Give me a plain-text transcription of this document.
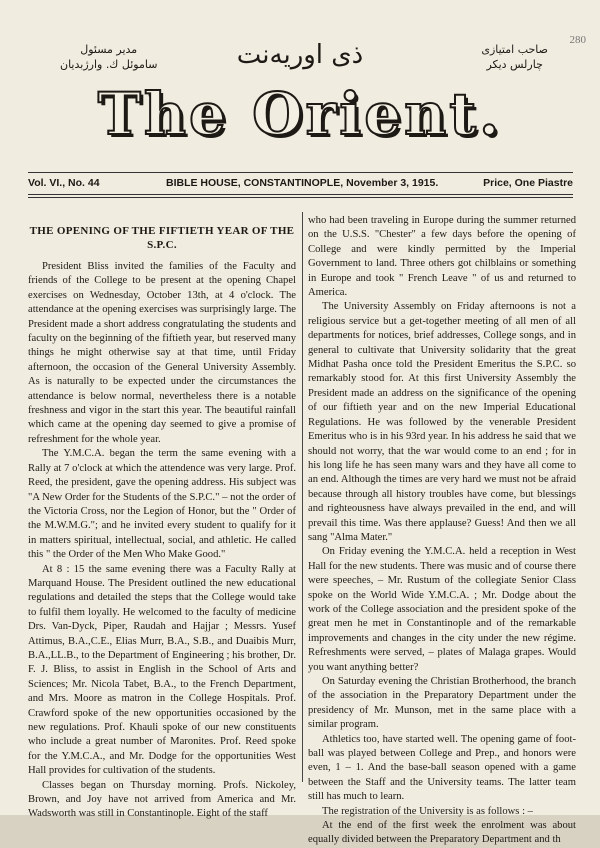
280
مدیر مسئول
ساموئل ك. وارژبدیان	ذی اوریەنت	صاحب امتیازی
چارلس دیکر
The Orient.
Vol. VI., No. 44	BIBLE HOUSE, CONSTANTINOPLE, November 3, 1915.	Price, One Piastre
THE OPENING OF THE FIFTIETH YEAR OF THE S.P.C.

President Bliss invited the families of the Faculty and friends of the College to be present at the opening Chapel exercises on Wednesday, October 13th, at 4 o'clock. The attendance at the opening exercises was surprisingly large. The President made a short address congratulating the students and faculty on the beginning of the fiftieth year, but reserved many things he might otherwise say at that time, until Friday afternoon, the occasion of the General University Assembly. As is naturally to be expected under the circumstances the attendance is below normal, nevertheless there is a notable freshness and vigor in the start this year. The beautiful rainfall which came at the opening day seemed to give a promise of refreshment for the whole year.

The Y.M.C.A. began the term the same evening with a Rally at 7 o'clock at which the attendence was very large. Prof. Reed, the president, gave the opening address. His subject was "A New Order for the Students of the S.P.C." – not the order of the Victoria Cross, nor the Legion of Honor, but the " Order of the M.W.M.G."; and he invited every student to qualify for it in matters spiritual, intellectual, social, and athletic. He called this " the Order of the Men Who Make Good."

At 8 : 15 the same evening there was a Faculty Rally at Marquand House. The President outlined the new educational regulations and detailed the steps that the College would take to fulfil them loyally. He welcomed to the faculty of medicine Drs. Van-Dyck, Piper, Raudah and Hajjar ; Messrs. Yusef Attimus, B.A.,C.E., Elias Murr, B.A., S.B., and Duaibis Murr, B.A.,LL.B., to the Department of Engineering ; his brother, Dr. F. J. Bliss, to assist in English in the School of Arts and Sciences; Mr. Nicola Tabet, B.A., to the French Department, and Mrs. Moore as matron in the College Hospitals. Prof. Crawford spoke of the new opportunities occasioned by the new regulations. Prof. Khauli spoke of our new constituents who include a great number of Maronites. Prof. Reed spoke for the Y.M.C.A., and Mr. Dodge for the opportunities West Hall provides for cultivation of the students.

Classes began on Thursday morning. Profs. Nickoley, Brown, and Joy have not arrived from America and Mr. Wadsworth was still in Constantinople. Eight of the staff

who had been traveling in Europe during the summer returned on the U.S.S. "Chester" a few days before the opening of College and were kindly permitted by the Imperial Government to land. Three others got chilblains or something in Europe and took " French Leave " of us and returned to America.

The University Assembly on Friday afternoons is not a religious service but a get-together meeting of all men of all departments for notices, brief addresses, College songs, and in general to cultivate that University solidarity that the great Midhat Pasha once told the President Emeritus the S.P.C. so remarkably stood for. At this first University Assembly the President made an address on the significance of the opening of our fiftieth year and on the new Imperial Educational Regulations. He was followed by the venerable President Emeritus who is in his 93rd year. In his address he said that we should not worry, that the war would come to an end ; for in his long life he has seen many wars and they have all come to an end. Although the times are very hard we must not be afraid because through all history troubles have come, but blessings and righteousness have always prevailed in the end, and will prevail this time. Was there applause? Guess! And then we all sang "Alma Mater."

On Friday evening the Y.M.C.A. held a reception in West Hall for the new students. There was music and of course there were speeches, – Mr. Rustum of the collegiate Senior Class spoke on the World Wide Y.M.C.A. ; Mr. Dodge about the work of the College association and the president spoke of the great men he met in Constantinople and of the remarkable improvements and changes in the city under the new régime. Refreshments were served, – plates of Malaga grapes. Would you want anything better?

On Saturday evening the Christian Brotherhood, the branch of the association in the Preparatory Department under the presidency of Mr. Munson, met in the same place with a similar program.

Athletics too, have started well. The opening game of foot-ball was played between College and Prep., and honors were even, 1 – 1. And the base-ball season opened with a game between the Staff and the University teams. The latter team still has much to learn.

The registration of the University is as follows : –

At the end of the first week the enrolment was about equally divided between the Preparatory Department and th
